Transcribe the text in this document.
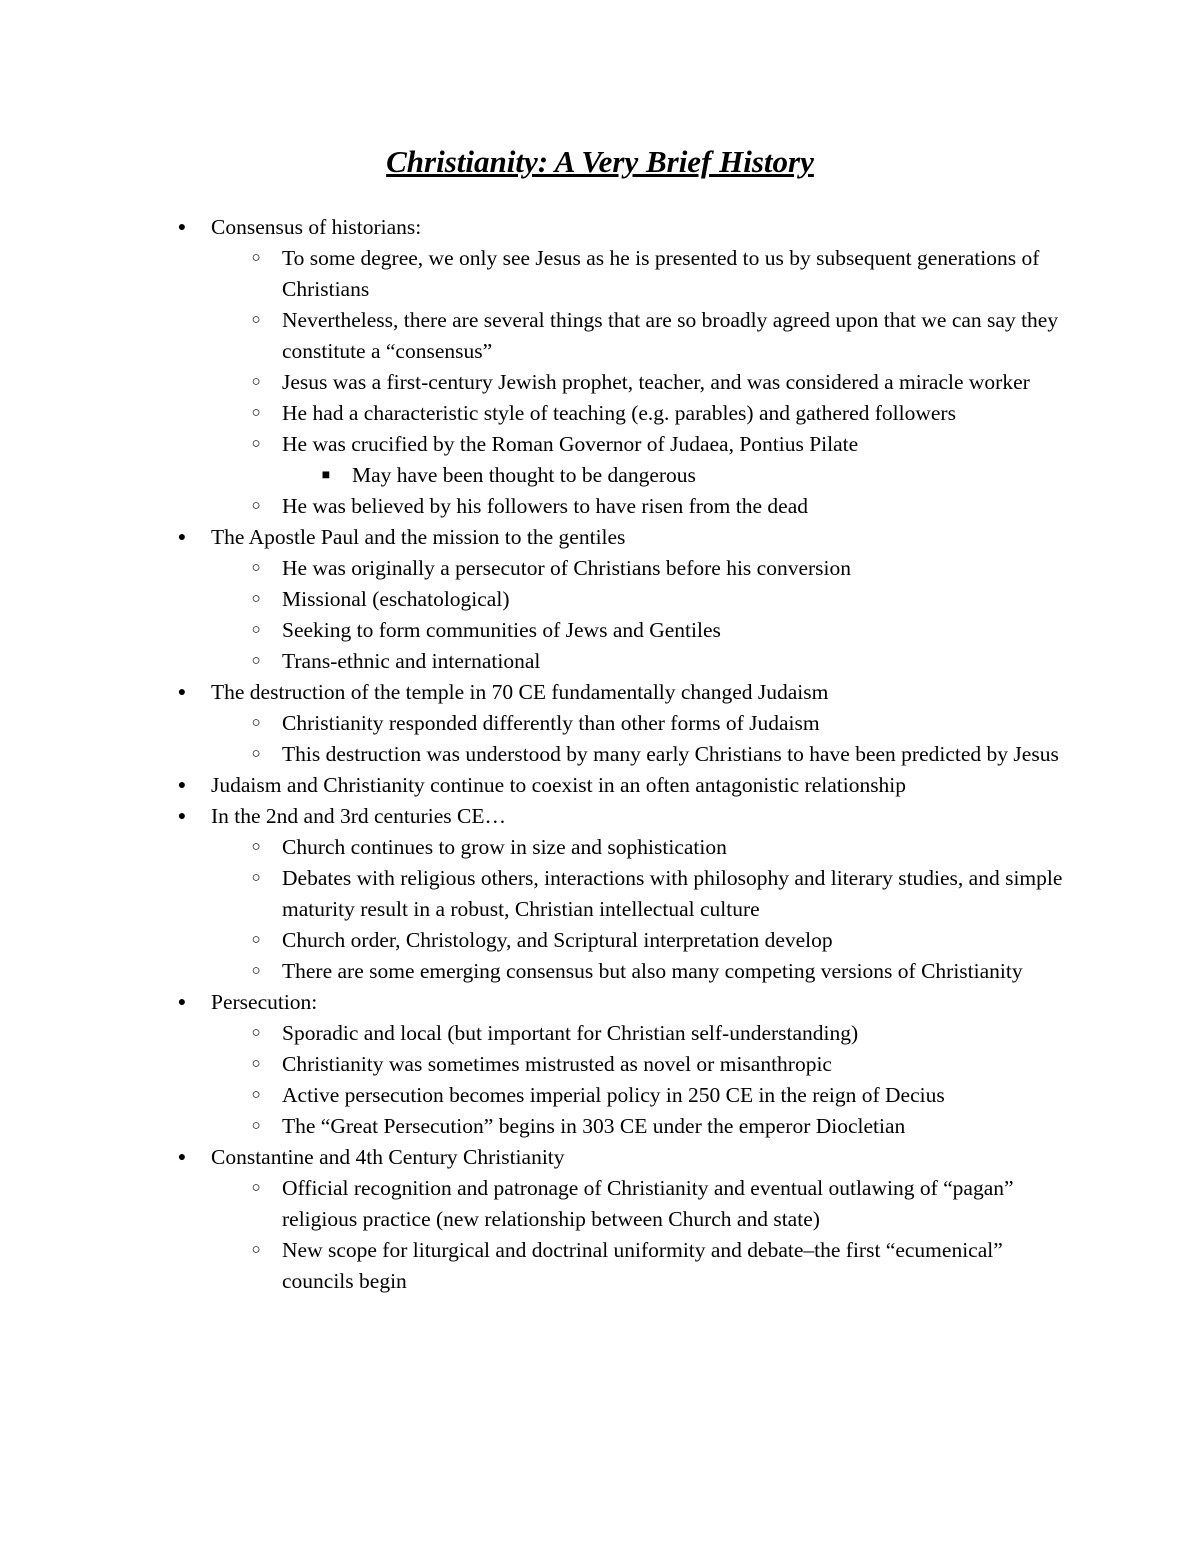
Christianity: A Very Brief History
●	Consensus of historians:
○ To some degree, we only see Jesus as he is presented to us by subsequent generations of Christians
○ Nevertheless, there are several things that are so broadly agreed upon that we can say they constitute a “consensus”
○ Jesus was a first-century Jewish prophet, teacher, and was considered a miracle worker
○ He had a characteristic style of teaching (e.g. parables) and gathered followers
○ He was crucified by the Roman Governor of Judaea, Pontius Pilate
■	May have been thought to be dangerous
○ He was believed by his followers to have risen from the dead
●	The Apostle Paul and the mission to the gentiles
○ He was originally a persecutor of Christians before his conversion
○ Missional (eschatological)
○ Seeking to form communities of Jews and Gentiles
○ Trans-ethnic and international
●	The destruction of the temple in 70 CE fundamentally changed Judaism
○ Christianity responded differently than other forms of Judaism
○ This destruction was understood by many early Christians to have been predicted by Jesus
●	Judaism and Christianity continue to coexist in an often antagonistic relationship
●	In the 2nd and 3rd centuries CE…
○ Church continues to grow in size and sophistication
○ Debates with religious others, interactions with philosophy and literary studies, and simple maturity result in a robust, Christian intellectual culture
○ Church order, Christology, and Scriptural interpretation develop
○ There are some emerging consensus but also many competing versions of Christianity
●	Persecution:
○ Sporadic and local (but important for Christian self-understanding)
○ Christianity was sometimes mistrusted as novel or misanthropic
○ Active persecution becomes imperial policy in 250 CE in the reign of Decius
○ The “Great Persecution” begins in 303 CE under the emperor Diocletian
●	Constantine and 4th Century Christianity
○ Official recognition and patronage of Christianity and eventual outlawing of “pagan” religious practice (new relationship between Church and state)
○ New scope for liturgical and doctrinal uniformity and debate–the first “ecumenical” councils begin
